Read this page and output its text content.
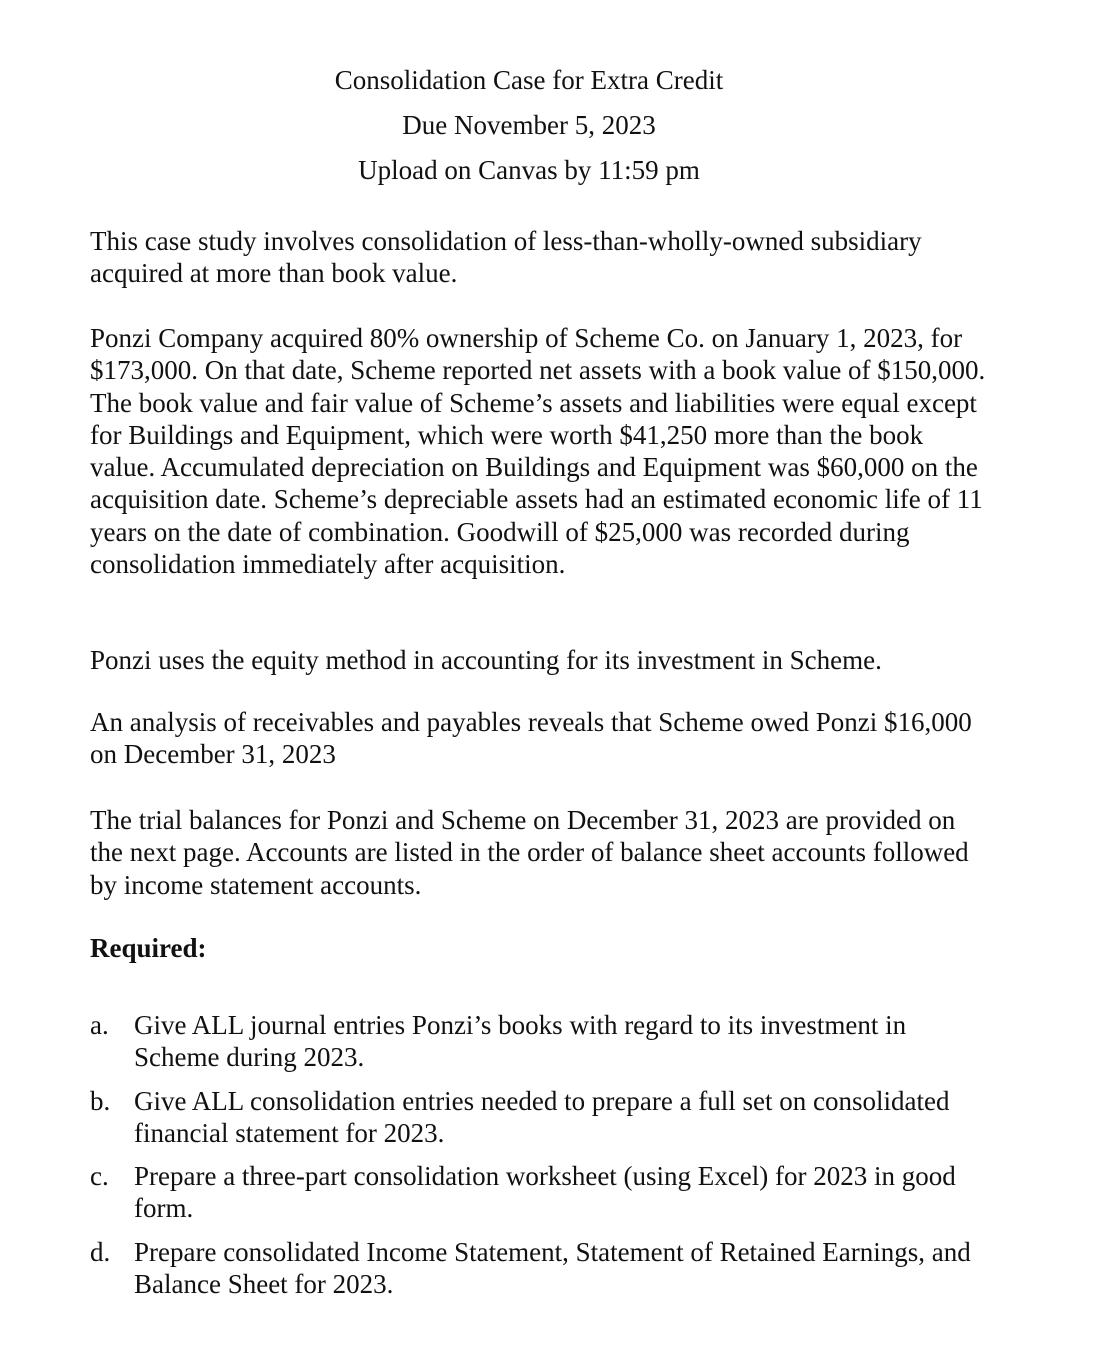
Consolidation Case for Extra Credit
Due November 5, 2023
Upload on Canvas by 11:59 pm

This case study involves consolidation of less-than-wholly-owned subsidiary acquired at more than book value.

Ponzi Company acquired 80% ownership of Scheme Co. on January 1, 2023, for $173,000. On that date, Scheme reported net assets with a book value of $150,000. The book value and fair value of Scheme’s assets and liabilities were equal except for Buildings and Equipment, which were worth $41,250 more than the book value. Accumulated depreciation on Buildings and Equipment was $60,000 on the acquisition date. Scheme’s depreciable assets had an estimated economic life of 11 years on the date of combination. Goodwill of $25,000 was recorded during consolidation immediately after acquisition.

Ponzi uses the equity method in accounting for its investment in Scheme.

An analysis of receivables and payables reveals that Scheme owed Ponzi $16,000 on December 31, 2023

The trial balances for Ponzi and Scheme on December 31, 2023 are provided on the next page. Accounts are listed in the order of balance sheet accounts followed by income statement accounts.

Required:
a. Give ALL journal entries Ponzi’s books with regard to its investment in Scheme during 2023.
b. Give ALL consolidation entries needed to prepare a full set on consolidated financial statement for 2023.
c. Prepare a three-part consolidation worksheet (using Excel) for 2023 in good form.
d. Prepare consolidated Income Statement, Statement of Retained Earnings, and Balance Sheet for 2023.
